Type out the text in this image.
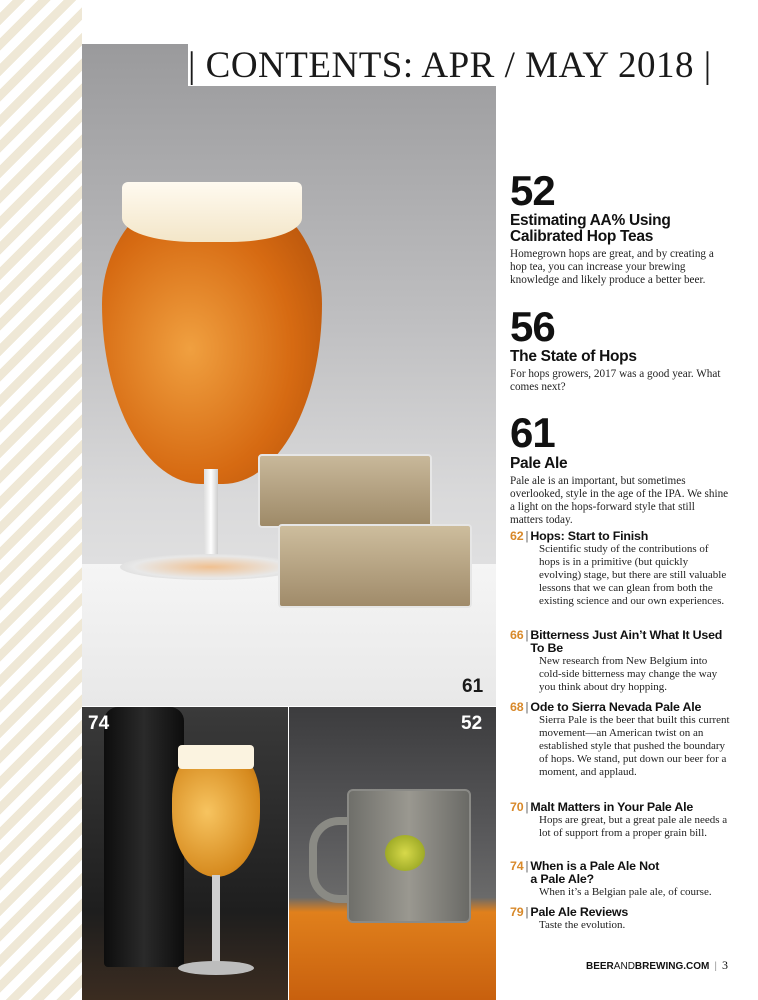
61
| CONTENTS: APR / MAY 2018 |
74	52
52
Estimating AA% Using Calibrated Hop Teas
Homegrown hops are great, and by creating a hop tea, you can increase your brewing knowledge and likely produce a better beer.
56
The State of Hops
For hops growers, 2017 was a good year. What comes next?
61
Pale Ale
Pale ale is an important, but sometimes overlooked, style in the age of the IPA. We shine a light on the hops-forward style that still matters today.
62 | Hops: Start to Finish
Scientific study of the contributions of hops is in a primitive (but quickly evolving) stage, but there are still valuable lessons that we can glean from both the existing science and our own experiences.
66 | Bitterness Just Ain’t What It Used To Be
New research from New Belgium into cold-side bitterness may change the way you think about dry hopping.
68 | Ode to Sierra Nevada Pale Ale
Sierra Pale is the beer that built this current movement—an American twist on an established style that pushed the boundary of hops. We stand, put down our beer for a moment, and applaud.
70 | Malt Matters in Your Pale Ale
Hops are great, but a great pale ale needs a lot of support from a proper grain bill.
74 | When is a Pale Ale Not a Pale Ale?
When it’s a Belgian pale ale, of course.
79 | Pale Ale Reviews
Taste the evolution.
BEERANDBREWING.COM | 3
